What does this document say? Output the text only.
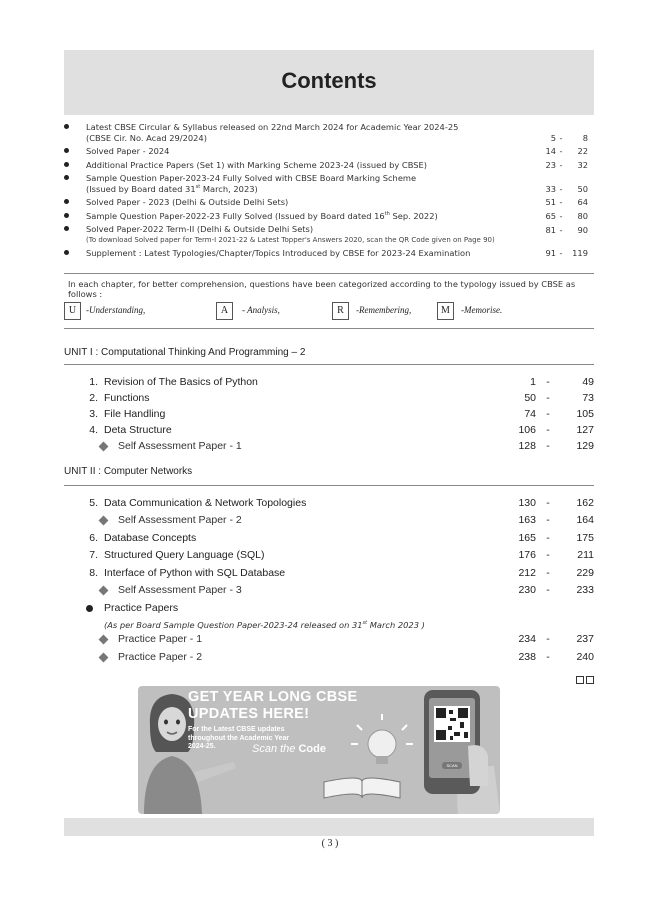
Contents
Latest CBSE Circular & Syllabus released on 22nd March 2024 for Academic Year 2024-25
(CBSE Cir. No. Acad 29/2024)	5 -	8
Solved Paper - 2024	14 -	22
Additional Practice Papers (Set 1) with Marking Scheme 2023-24 (issued by CBSE)	23 -	32
Sample Question Paper-2023-24 Fully Solved with CBSE Board Marking Scheme
(Issued by Board dated 31st March, 2023)	33 -	50
Solved Paper - 2023 (Delhi & Outside Delhi Sets)	51 -	64
Sample Question Paper-2022-23 Fully Solved (Issued by Board dated 16th Sep. 2022)	65 -	80
Solved Paper-2022 Term-II (Delhi & Outside Delhi Sets)
(To download Solved paper for Term-I 2021-22 & Latest Topper's Answers 2020, scan the QR Code given on Page 90)
81 -	90
Supplement : Latest Typologies/Chapter/Topics Introduced by CBSE for 2023-24 Examination	91 -	119
In each chapter, for better comprehension, questions have been categorized according to the typology issued by CBSE as follows :
U	-Understanding,	A	- Analysis,	R	-Remembering,	M	-Memorise.
UNIT I : Computational Thinking And Programming – 2
1. Revision of The Basics of Python	1 -	49
2. Functions	50 -	73
3. File Handling	74 -	105
4. Deta Structure	106 -	127
Self Assessment Paper - 1	128 -	129
UNIT II : Computer Networks
5. Data Communication & Network Topologies	130 -	162
Self Assessment Paper - 2	163 -	164
6. Database Concepts	165 -	175
7. Structured Query Language (SQL)	176 -	211
8. Interface of Python with SQL Database	212 -	229
Self Assessment Paper - 3	230 -	233
Practice Papers
(As per Board Sample Question Paper-2023-24 released on 31st March 2023 )
Practice Paper - 1	234 -	237
Practice Paper - 2	238 -	240
GET YEAR LONG CBSE
UPDATES HERE!
For the Latest CBSE updates throughout the Academic Year 2024-25.	Scan the Code
SCAN
( 3 )
